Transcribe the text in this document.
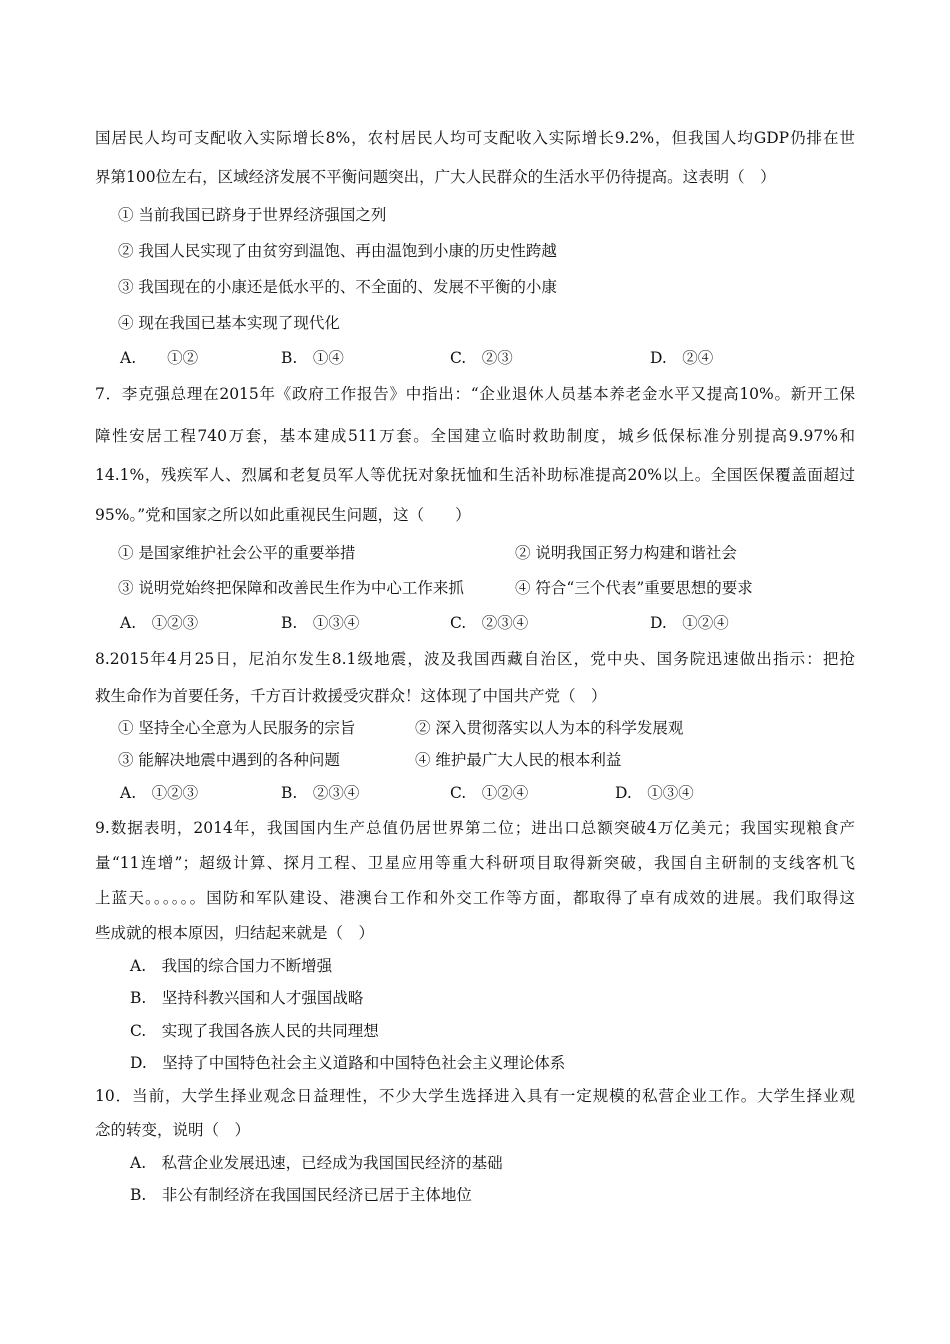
国居民人均可支配收入实际增长8%，农村居民人均可支配收入实际增长9.2%，但我国人均GDP仍排在世
界第100位左右，区域经济发展不平衡问题突出，广大人民群众的生活水平仍待提高。这表明（　）
① 当前我国已跻身于世界经济强国之列
② 我国人民实现了由贫穷到温饱、再由温饱到小康的历史性跨越
③ 我国现在的小康还是低水平的、不全面的、发展不平衡的小康
④ 现在我国已基本实现了现代化
A.　　①②	B.　①④	C.　②③	D.　②④
7．李克强总理在2015年《政府工作报告》中指出：“企业退休人员基本养老金水平又提高10%。新开工保
障性安居工程740万套，基本建成511万套。全国建立临时救助制度，城乡低保标准分别提高9.97%和
14.1%，残疾军人、烈属和老复员军人等优抚对象抚恤和生活补助标准提高20%以上。全国医保覆盖面超过
95%。”党和国家之所以如此重视民生问题，这（　　）
① 是国家维护社会公平的重要举措	② 说明我国正努力构建和谐社会
③ 说明党始终把保障和改善民生作为中心工作来抓	④ 符合“三个代表”重要思想的要求
A.　①②③	B.　①③④	C.　②③④	D.　①②④
8.2015年4月25日，尼泊尔发生8.1级地震，波及我国西藏自治区，党中央、国务院迅速做出指示：把抢
救生命作为首要任务，千方百计救援受灾群众！这体现了中国共产党（　）
① 坚持全心全意为人民服务的宗旨	② 深入贯彻落实以人为本的科学发展观
③ 能解决地震中遇到的各种问题	④ 维护最广大人民的根本利益
A.　①②③	B.　②③④	C.　①②④	D.　①③④
9.数据表明，2014年，我国国内生产总值仍居世界第二位；进出口总额突破4万亿美元；我国实现粮食产
量“11连增”；超级计算、探月工程、卫星应用等重大科研项目取得新突破，我国自主研制的支线客机飞
上蓝天。。。。。。国防和军队建设、港澳台工作和外交工作等方面，都取得了卓有成效的进展。我们取得这
些成就的根本原因，归结起来就是（　）
A.　我国的综合国力不断增强
B.　坚持科教兴国和人才强国战略
C.　实现了我国各族人民的共同理想
D.　坚持了中国特色社会主义道路和中国特色社会主义理论体系
10．当前，大学生择业观念日益理性，不少大学生选择进入具有一定规模的私营企业工作。大学生择业观
念的转变，说明（　）
A.　私营企业发展迅速，已经成为我国国民经济的基础
B.　非公有制经济在我国国民经济已居于主体地位
